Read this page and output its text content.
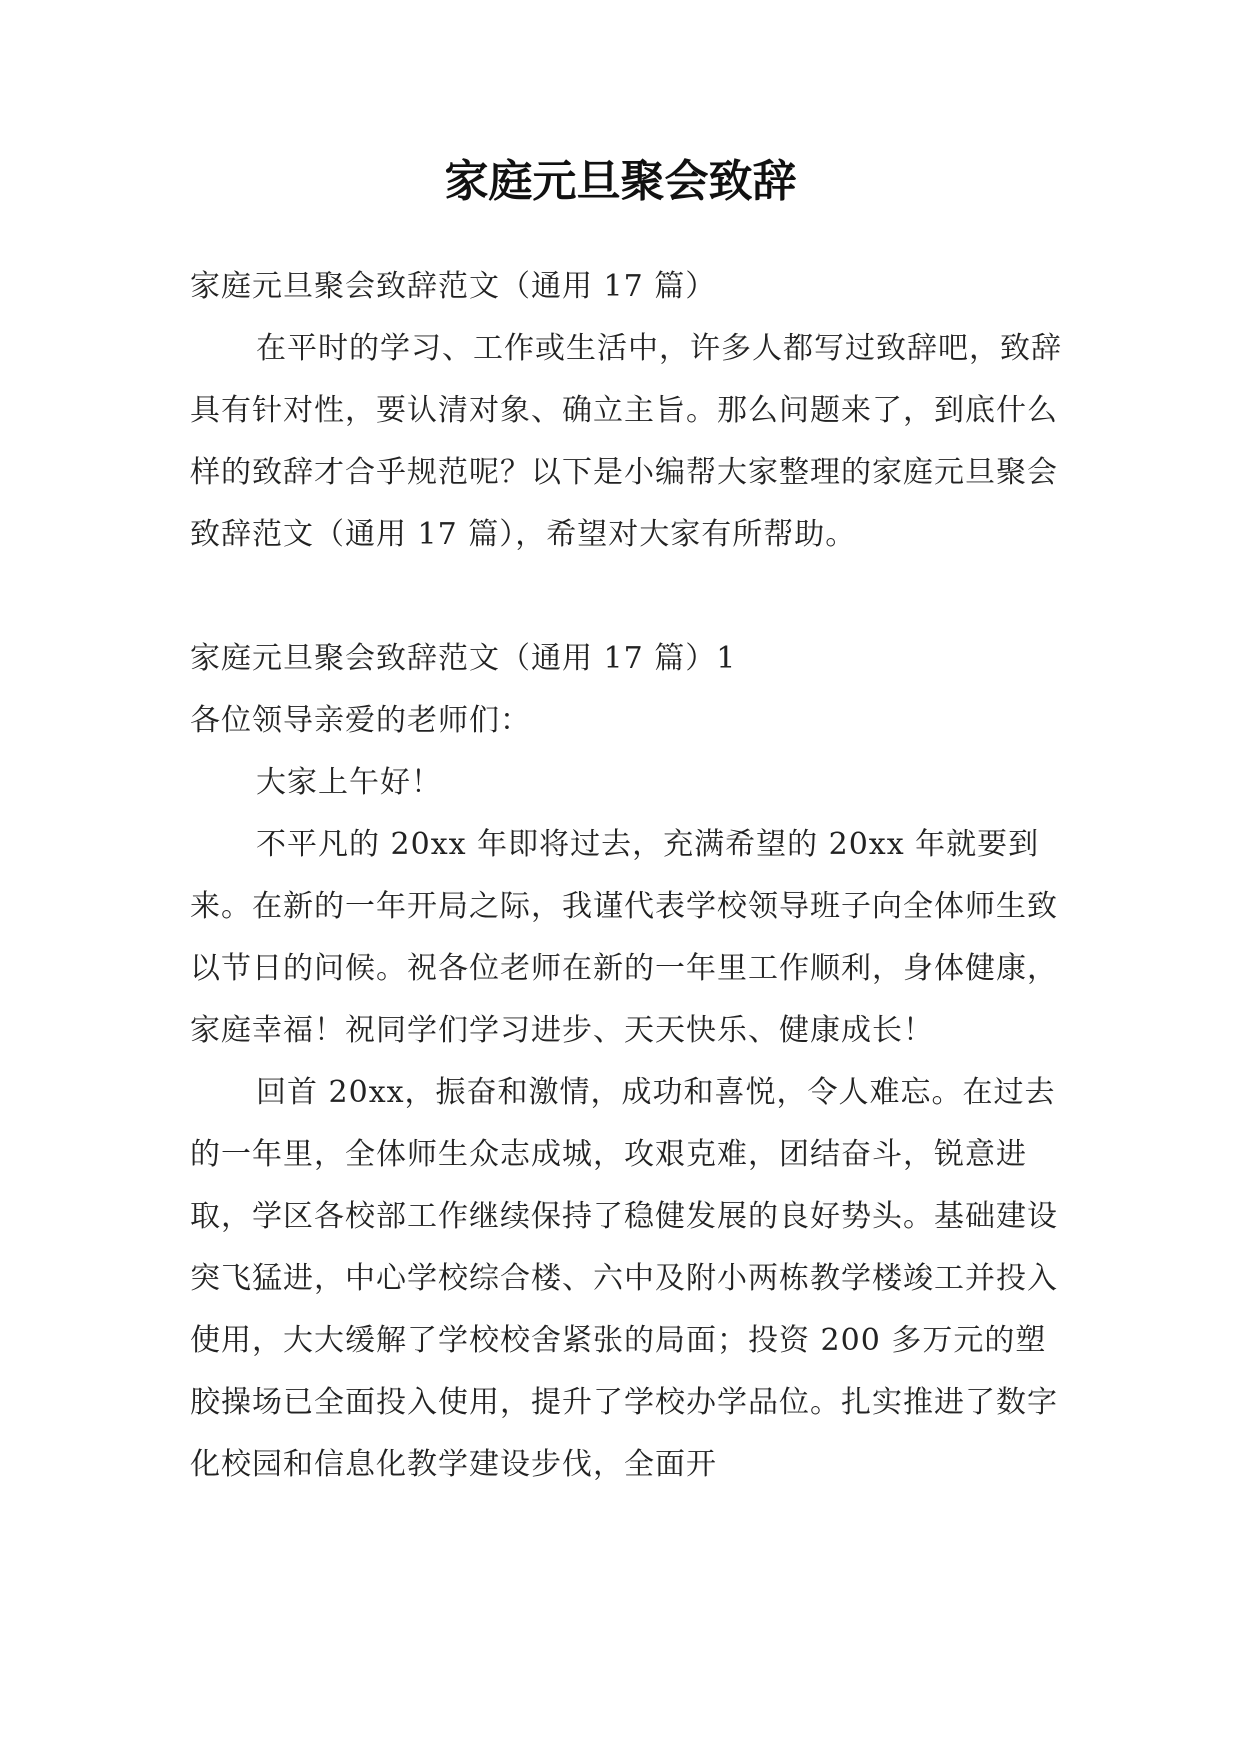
家庭元旦聚会致辞

家庭元旦聚会致辞范文（通用 17 篇）

在平时的学习、工作或生活中，许多人都写过致辞吧，致辞具有针对性，要认清对象、确立主旨。那么问题来了，到底什么样的致辞才合乎规范呢？以下是小编帮大家整理的家庭元旦聚会致辞范文（通用 17 篇），希望对大家有所帮助。

家庭元旦聚会致辞范文（通用 17 篇）1

各位领导亲爱的老师们：

大家上午好！

不平凡的 20xx 年即将过去，充满希望的 20xx 年就要到来。在新的一年开局之际，我谨代表学校领导班子向全体师生致以节日的问候。祝各位老师在新的一年里工作顺利，身体健康，家庭幸福！祝同学们学习进步、天天快乐、健康成长！

回首 20xx，振奋和激情，成功和喜悦，令人难忘。在过去的一年里，全体师生众志成城，攻艰克难，团结奋斗，锐意进取，学区各校部工作继续保持了稳健发展的良好势头。基础建设突飞猛进，中心学校综合楼、六中及附小两栋教学楼竣工并投入使用，大大缓解了学校校舍紧张的局面；投资 200 多万元的塑胶操场已全面投入使用，提升了学校办学品位。扎实推进了数字化校园和信息化教学建设步伐，全面开
